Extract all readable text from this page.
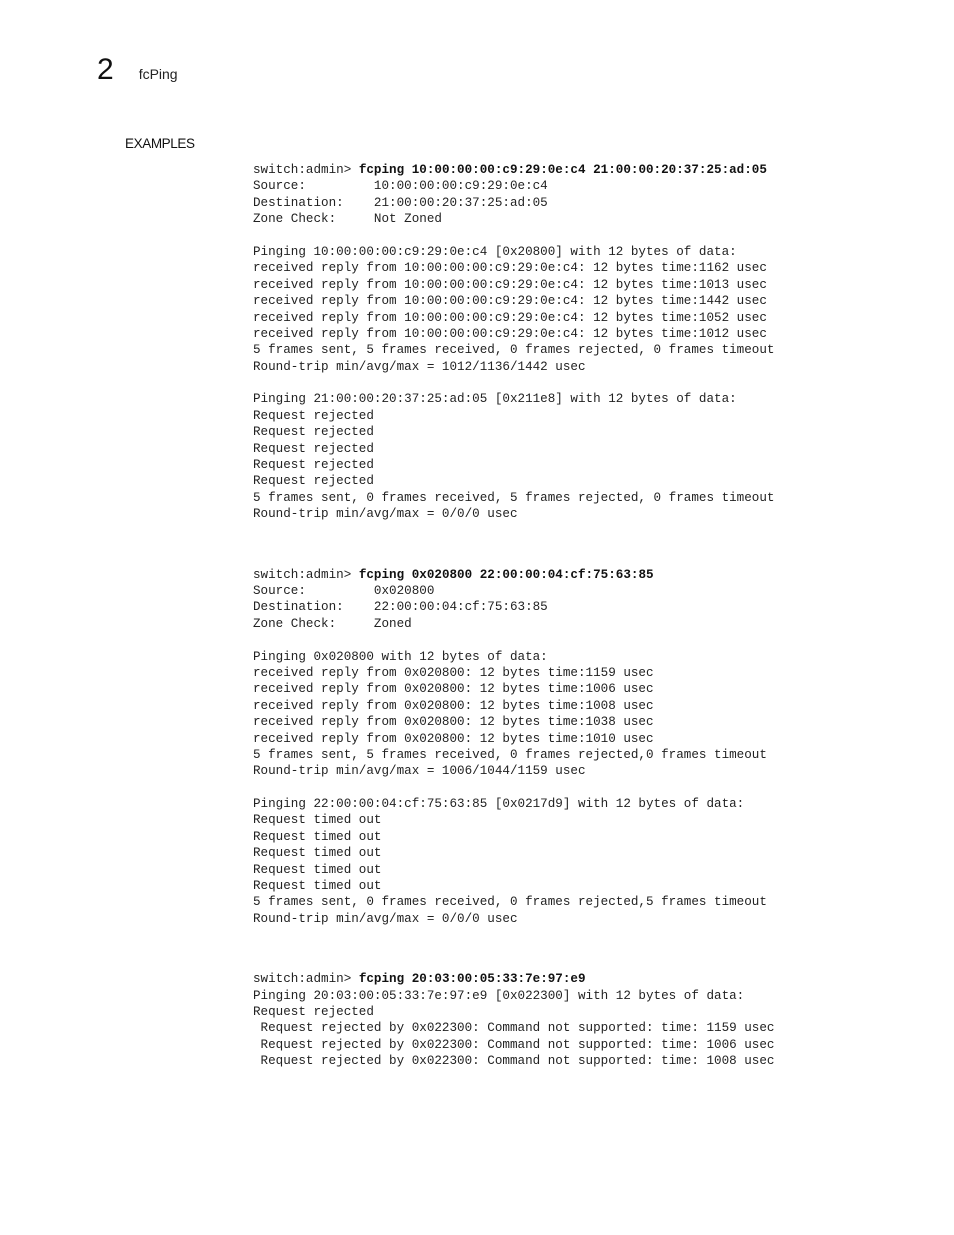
2 fcPing
EXAMPLES
switch:admin> fcping 10:00:00:00:c9:29:0e:c4 21:00:00:20:37:25:ad:05
Source:         10:00:00:00:c9:29:0e:c4
Destination:    21:00:00:20:37:25:ad:05
Zone Check:     Not Zoned
Pinging 10:00:00:00:c9:29:0e:c4 [0x20800] with 12 bytes of data:
received reply from 10:00:00:00:c9:29:0e:c4: 12 bytes time:1162 usec
received reply from 10:00:00:00:c9:29:0e:c4: 12 bytes time:1013 usec
received reply from 10:00:00:00:c9:29:0e:c4: 12 bytes time:1442 usec
received reply from 10:00:00:00:c9:29:0e:c4: 12 bytes time:1052 usec
received reply from 10:00:00:00:c9:29:0e:c4: 12 bytes time:1012 usec
5 frames sent, 5 frames received, 0 frames rejected, 0 frames timeout
Round-trip min/avg/max = 1012/1136/1442 usec
Pinging 21:00:00:20:37:25:ad:05 [0x211e8] with 12 bytes of data:
Request rejected
Request rejected
Request rejected
Request rejected
Request rejected
5 frames sent, 0 frames received, 5 frames rejected, 0 frames timeout
Round-trip min/avg/max = 0/0/0 usec
switch:admin> fcping 0x020800 22:00:00:04:cf:75:63:85
Source:         0x020800
Destination:    22:00:00:04:cf:75:63:85
Zone Check:     Zoned
Pinging 0x020800 with 12 bytes of data:
received reply from 0x020800: 12 bytes time:1159 usec
received reply from 0x020800: 12 bytes time:1006 usec
received reply from 0x020800: 12 bytes time:1008 usec
received reply from 0x020800: 12 bytes time:1038 usec
received reply from 0x020800: 12 bytes time:1010 usec
5 frames sent, 5 frames received, 0 frames rejected,0 frames timeout
Round-trip min/avg/max = 1006/1044/1159 usec
Pinging 22:00:00:04:cf:75:63:85 [0x0217d9] with 12 bytes of data:
Request timed out
Request timed out
Request timed out
Request timed out
Request timed out
5 frames sent, 0 frames received, 0 frames rejected,5 frames timeout
Round-trip min/avg/max = 0/0/0 usec
switch:admin> fcping 20:03:00:05:33:7e:97:e9
Pinging 20:03:00:05:33:7e:97:e9 [0x022300] with 12 bytes of data:
Request rejected
Request rejected by 0x022300: Command not supported: time: 1159 usec
Request rejected by 0x022300: Command not supported: time: 1006 usec
Request rejected by 0x022300: Command not supported: time: 1008 usec
